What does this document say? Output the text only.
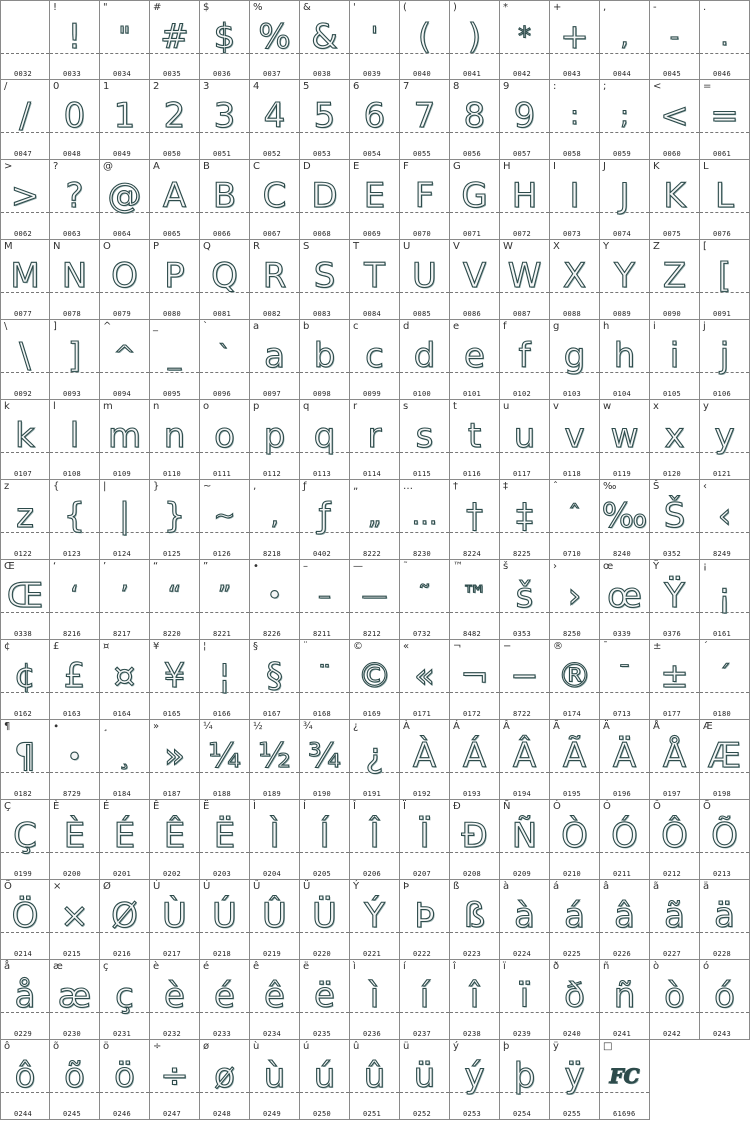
0032
!
!
0033
"
"
0034
#
#
0035
$
$
0036
%
%
0037
&
&
0038
'
'
0039
(
(
0040
)
)
0041
*
*
0042
+
+
0043
,
,
0044
-
-
0045
.
.
0046
/
/
0047
0
0
0048
1
1
0049
2
2
0050
3
3
0051
4
4
0052
5
5
0053
6
6
0054
7
7
0055
8
8
0056
9
9
0057
:
:
0058
;
;
0059
<
<
0060
=
=
0061
>
>
0062
?
?
0063
@
@
0064
A
A
0065
B
B
0066
C
C
0067
D
D
0068
E
E
0069
F
F
0070
G
G
0071
H
H
0072
I
I
0073
J
J
0074
K
K
0075
L
L
0076
M
M
0077
N
N
0078
O
O
0079
P
P
0080
Q
Q
0081
R
R
0082
S
S
0083
T
T
0084
U
U
0085
V
V
0086
W
W
0087
X
X
0088
Y
Y
0089
Z
Z
0090
[
[
0091
\
\
0092
]
]
0093
^
^
0094
_
_
0095
`
`
0096
a
a
0097
b
b
0098
c
c
0099
d
d
0100
e
e
0101
f
f
0102
g
g
0103
h
h
0104
i
i
0105
j
j
0106
k
k
0107
l
l
0108
m
m
0109
n
n
0110
o
o
0111
p
p
0112
q
q
0113
r
r
0114
s
s
0115
t
t
0116
u
u
0117
v
v
0118
w
w
0119
x
x
0120
y
y
0121
z
z
0122
{
{
0123
|
|
0124
}
}
0125
~
~
0126
‚
‚
8218
ƒ
ƒ
0402
„
„
8222
…
…
8230
†
†
8224
‡
‡
8225
ˆ
ˆ
0710
‰
‰
8240
Š
Š
0352
‹
‹
8249
Œ
Œ
0338
‘
‘
8216
’
’
8217
“
“
8220
”
”
8221
•
•
8226
–
–
8211
—
—
8212
˜
˜
0732
™
™
8482
š
š
0353
›
›
8250
œ
œ
0339
Ÿ
Ÿ
0376
¡
¡
0161
¢
¢
0162
£
£
0163
¤
¤
0164
¥
¥
0165
¦
¦
0166
§
§
0167
¨
¨
0168
©
©
0169
«
«
0171
¬
¬
0172
−
−
8722
®
®
0174
¯
¯
0713
±
±
0177
´
´
0180
¶
¶
0182
∙
∙
8729
¸
¸
0184
»
»
0187
¼
¼
0188
½
½
0189
¾
¾
0190
¿
¿
0191
À
À
0192
Á
Á
0193
Â
Â
0194
Ã
Ã
0195
Ä
Ä
0196
Å
Å
0197
Æ
Æ
0198
Ç
Ç
0199
È
È
0200
É
É
0201
Ê
Ê
0202
Ë
Ë
0203
Ì
Ì
0204
Í
Í
0205
Î
Î
0206
Ï
Ï
0207
Ð
Ð
0208
Ñ
Ñ
0209
Ò
Ò
0210
Ó
Ó
0211
Ô
Ô
0212
Õ
Õ
0213
Ö
Ö
0214
×
×
0215
Ø
Ø
0216
Ù
Ù
0217
Ú
Ú
0218
Û
Û
0219
Ü
Ü
0220
Ý
Ý
0221
Þ
Þ
0222
ß
ß
0223
à
à
0224
á
á
0225
â
â
0226
ã
ã
0227
ä
ä
0228
å
å
0229
æ
æ
0230
ç
ç
0231
è
è
0232
é
é
0233
ê
ê
0234
ë
ë
0235
ì
ì
0236
í
í
0237
î
î
0238
ï
ï
0239
ð
ð
0240
ñ
ñ
0241
ò
ò
0242
ó
ó
0243
ô
ô
0244
õ
õ
0245
ö
ö
0246
÷
÷
0247
ø
ø
0248
ù
ù
0249
ú
ú
0250
û
û
0251
ü
ü
0252
ý
ý
0253
þ
þ
0254
ÿ
ÿ
0255
□
FC
61696
